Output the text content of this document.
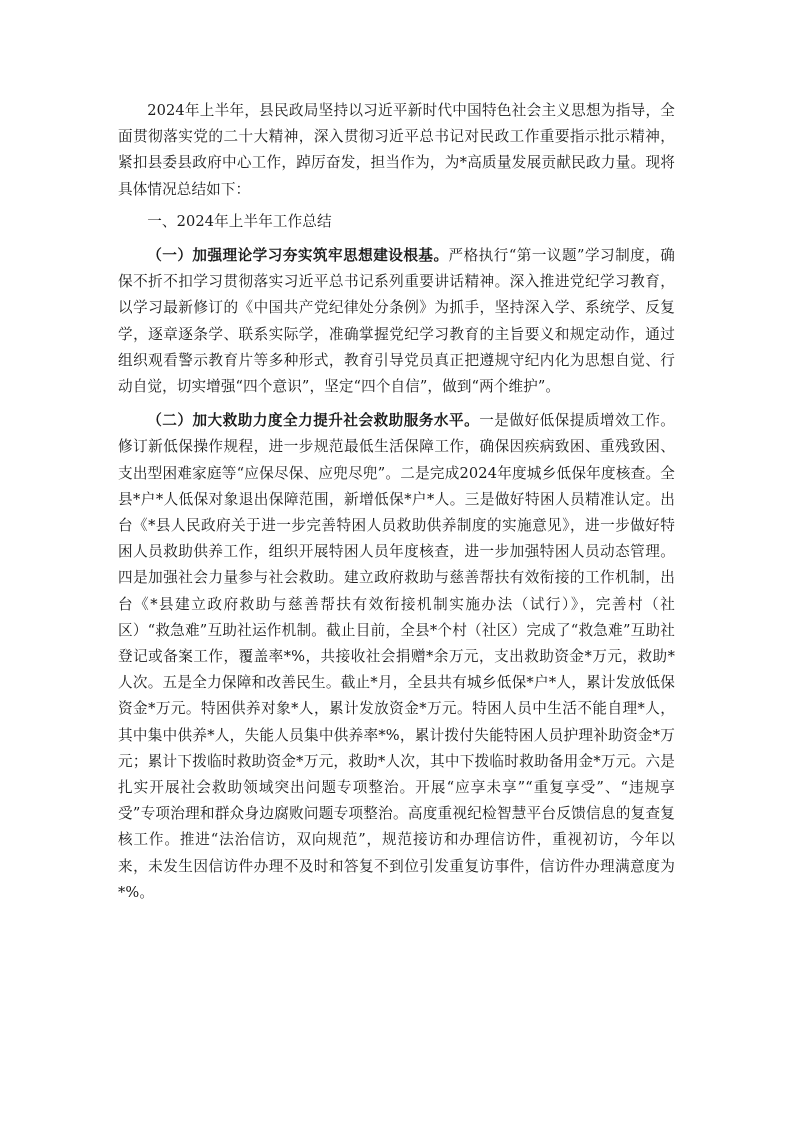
2024年上半年，县民政局坚持以习近平新时代中国特色社会主义思想为指导，全面贯彻落实党的二十大精神，深入贯彻习近平总书记对民政工作重要指示批示精神，紧扣县委县政府中心工作，踔厉奋发，担当作为，为*高质量发展贡献民政力量。现将具体情况总结如下：

一、2024年上半年工作总结

（一）加强理论学习夯实筑牢思想建设根基。严格执行“第一议题”学习制度，确保不折不扣学习贯彻落实习近平总书记系列重要讲话精神。深入推进党纪学习教育，以学习最新修订的《中国共产党纪律处分条例》为抓手，坚持深入学、系统学、反复学，逐章逐条学、联系实际学，准确掌握党纪学习教育的主旨要义和规定动作，通过组织观看警示教育片等多种形式，教育引导党员真正把遵规守纪内化为思想自觉、行动自觉，切实增强“四个意识”，坚定“四个自信”，做到“两个维护”。

（二）加大救助力度全力提升社会救助服务水平。一是做好低保提质增效工作。修订新低保操作规程，进一步规范最低生活保障工作，确保因疾病致困、重残致困、支出型困难家庭等“应保尽保、应兜尽兜”。二是完成2024年度城乡低保年度核查。全县*户*人低保对象退出保障范围，新增低保*户*人。三是做好特困人员精准认定。出台《*县人民政府关于进一步完善特困人员救助供养制度的实施意见》，进一步做好特困人员救助供养工作，组织开展特困人员年度核查，进一步加强特困人员动态管理。四是加强社会力量参与社会救助。建立政府救助与慈善帮扶有效衔接的工作机制，出台《*县建立政府救助与慈善帮扶有效衔接机制实施办法（试行）》，完善村（社区）“救急难”互助社运作机制。截止目前，全县*个村（社区）完成了“救急难”互助社登记或备案工作，覆盖率*%，共接收社会捐赠*余万元，支出救助资金*万元，救助*人次。五是全力保障和改善民生。截止*月，全县共有城乡低保*户*人，累计发放低保资金*万元。特困供养对象*人，累计发放资金*万元。特困人员中生活不能自理*人，其中集中供养*人，失能人员集中供养率*%，累计拨付失能特困人员护理补助资金*万元；累计下拨临时救助资金*万元，救助*人次，其中下拨临时救助备用金*万元。六是扎实开展社会救助领域突出问题专项整治。开展“应享未享”“重复享受”、“违规享受”专项治理和群众身边腐败问题专项整治。高度重视纪检智慧平台反馈信息的复查复核工作。推进“法治信访，双向规范”，规范接访和办理信访件，重视初访，今年以来，未发生因信访件办理不及时和答复不到位引发重复访事件，信访件办理满意度为*%。
